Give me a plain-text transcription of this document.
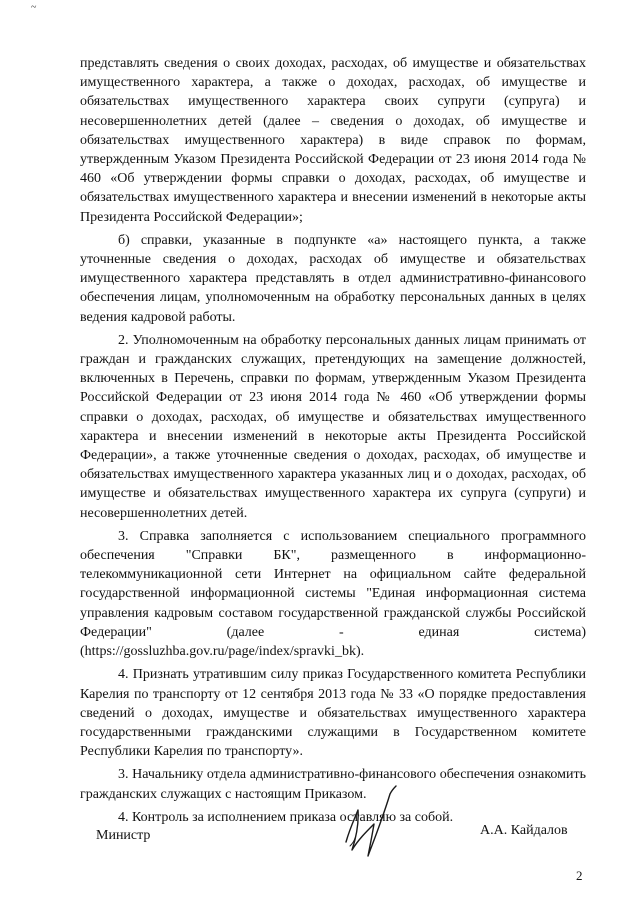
~

представлять сведения о своих доходах, расходах, об имуществе и обязательствах имущественного характера, а также о доходах, расходах, об имуществе и обязательствах имущественного характера своих супруги (супруга) и несовершеннолетних детей (далее – сведения о доходах, об имуществе и обязательствах имущественного характера) в виде справок по формам, утвержденным Указом Президента Российской Федерации от 23 июня 2014 года № 460 «Об утверждении формы справки о доходах, расходах, об имуществе и обязательствах имущественного характера и внесении изменений в некоторые акты Президента Российской Федерации»;

б) справки, указанные в подпункте «а» настоящего пункта, а также уточненные сведения о доходах, расходах об имуществе и обязательствах имущественного характера представлять в отдел административно-финансового обеспечения лицам, уполномоченным на обработку персональных данных в целях ведения кадровой работы.

2. Уполномоченным на обработку персональных данных лицам принимать от граждан и гражданских служащих, претендующих на замещение должностей, включенных в Перечень, справки по формам, утвержденным Указом Президента Российской Федерации от 23 июня 2014 года № 460 «Об утверждении формы справки о доходах, расходах, об имуществе и обязательствах имущественного характера и внесении изменений в некоторые акты Президента Российской Федерации», а также уточненные сведения о доходах, расходах, об имуществе и обязательствах имущественного характера указанных лиц и о доходах, расходах, об имуществе и обязательствах имущественного характера их супруга (супруги) и несовершеннолетних детей.

3. Справка заполняется с использованием специального программного обеспечения "Справки БК", размещенного в информационно-телекоммуникационной сети Интернет на официальном сайте федеральной государственной информационной системы "Единая информационная система управления кадровым составом государственной гражданской службы Российской Федерации" (далее - единая система) (https://gossluzhba.gov.ru/page/index/spravki_bk).

4. Признать утратившим силу приказ Государственного комитета Республики Карелия по транспорту от 12 сентября 2013 года № 33 «О порядке предоставления сведений о доходах, имуществе и обязательствах имущественного характера государственными гражданскими служащими в Государственном комитете Республики Карелия по транспорту».

3. Начальнику отдела административно-финансового обеспечения ознакомить гражданских служащих с настоящим Приказом.

4. Контроль за исполнением приказа оставляю за собой.

Министр	А.А. Кайдалов
2
